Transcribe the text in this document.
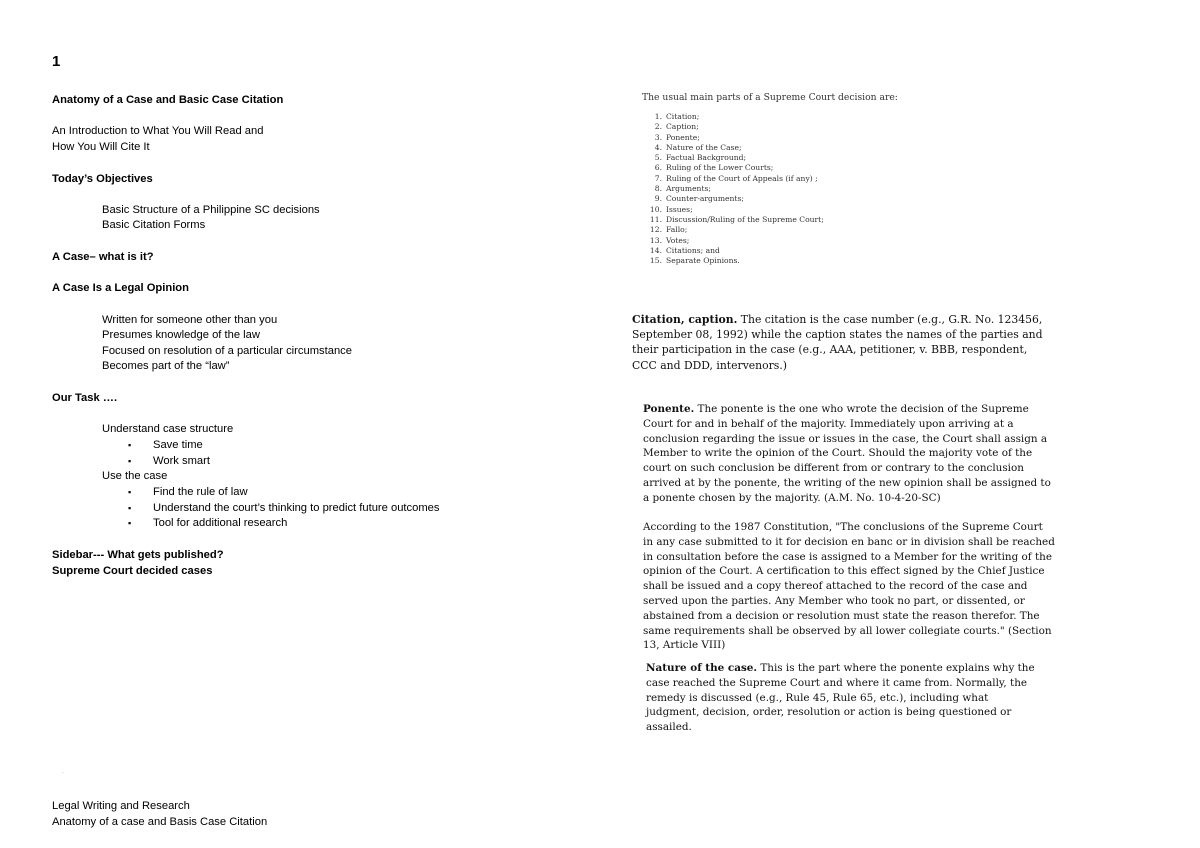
1
Anatomy of a Case and Basic Case Citation
An Introduction to What You Will Read and
How You Will Cite It
Today’s Objectives
Basic Structure of a Philippine SC decisions
Basic Citation Forms
A Case– what is it?
A Case Is a Legal Opinion
Written for someone other than you
Presumes knowledge of the law
Focused on resolution of a particular circumstance
Becomes part of the “law”
Our Task ….
Understand case structure
▪ Save time
▪ Work smart
Use the case
▪ Find the rule of law
▪ Understand the court’s thinking to predict future outcomes
▪ Tool for additional research
Sidebar--- What gets published?
Supreme Court decided cases
·
Legal Writing and Research
Anatomy of a case and Basis Case Citation
The usual main parts of a Supreme Court decision are:
1. Citation;
2. Caption;
3. Ponente;
4. Nature of the Case;
5. Factual Background;
6. Ruling of the Lower Courts;
7. Ruling of the Court of Appeals (if any) ;
8. Arguments;
9. Counter-arguments;
10. Issues;
11. Discussion/Ruling of the Supreme Court;
12. Fallo;
13. Votes;
14. Citations; and
15. Separate Opinions.
Citation, caption. The citation is the case number (e.g., G.R. No. 123456, September 08, 1992) while the caption states the names of the parties and their participation in the case (e.g., AAA, petitioner, v. BBB, respondent, CCC and DDD, intervenors.)
Ponente. The ponente is the one who wrote the decision of the Supreme Court for and in behalf of the majority. Immediately upon arriving at a conclusion regarding the issue or issues in the case, the Court shall assign a Member to write the opinion of the Court. Should the majority vote of the court on such conclusion be different from or contrary to the conclusion arrived at by the ponente, the writing of the new opinion shall be assigned to a ponente chosen by the majority. (A.M. No. 10-4-20-SC)
According to the 1987 Constitution, "The conclusions of the Supreme Court in any case submitted to it for decision en banc or in division shall be reached in consultation before the case is assigned to a Member for the writing of the opinion of the Court. A certification to this effect signed by the Chief Justice shall be issued and a copy thereof attached to the record of the case and served upon the parties. Any Member who took no part, or dissented, or abstained from a decision or resolution must state the reason therefor. The same requirements shall be observed by all lower collegiate courts." (Section 13, Article VIII)
Nature of the case. This is the part where the ponente explains why the case reached the Supreme Court and where it came from. Normally, the remedy is discussed (e.g., Rule 45, Rule 65, etc.), including what judgment, decision, order, resolution or action is being questioned or assailed.
